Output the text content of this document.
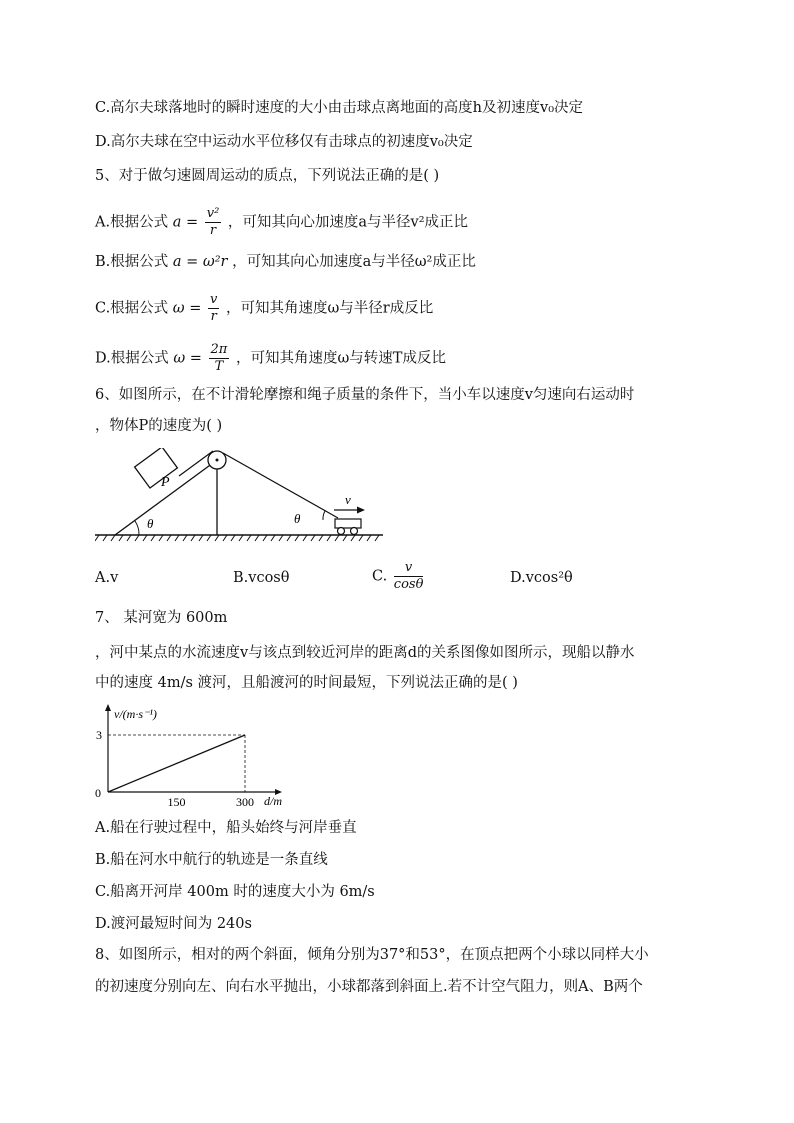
C.高尔夫球落地时的瞬时速度的大小由击球点离地面的高度h及初速度v₀决定
D.高尔夫球在空中运动水平位移仅有击球点的初速度v₀决定
5、对于做匀速圆周运动的质点，下列说法正确的是( )
A.根据公式 $a = \frac{\text{v²}}{r}$ ，可知其向心加速度a与半径v²成正比
B.根据公式 a = ω²r ，可知其向心加速度a与半径ω²成正比
C.根据公式 $\omega = \frac{v}{r}$ ，可知其角速度ω与半径r成反比
D.根据公式 $\omega = \frac{2\pi}{T}$ ，可知其角速度ω与转速T成反比
6、如图所示，在不计滑轮摩擦和绳子质量的条件下，当小车以速度v匀速向右运动时
，物体P的速度为( )
P
θ	θ
v
A.v	B.vcosθ	C. $\frac{v}{\cos\theta}$	D.vcos²θ
7、 某河宽为 600m
，河中某点的水流速度v与该点到较近河岸的距离d的关系图像如图所示，现船以静水
中的速度 4m/s 渡河，且船渡河的时间最短，下列说法正确的是( )
3
0
150	300
v/(m·s⁻¹)
d/m
A.船在行驶过程中，船头始终与河岸垂直
B.船在河水中航行的轨迹是一条直线
C.船离开河岸 400m 时的速度大小为 6m/s
D.渡河最短时间为 240s
8、如图所示，相对的两个斜面，倾角分别为37°和53°，在顶点把两个小球以同样大小
的初速度分别向左、向右水平抛出，小球都落到斜面上.若不计空气阻力，则A、B两个
